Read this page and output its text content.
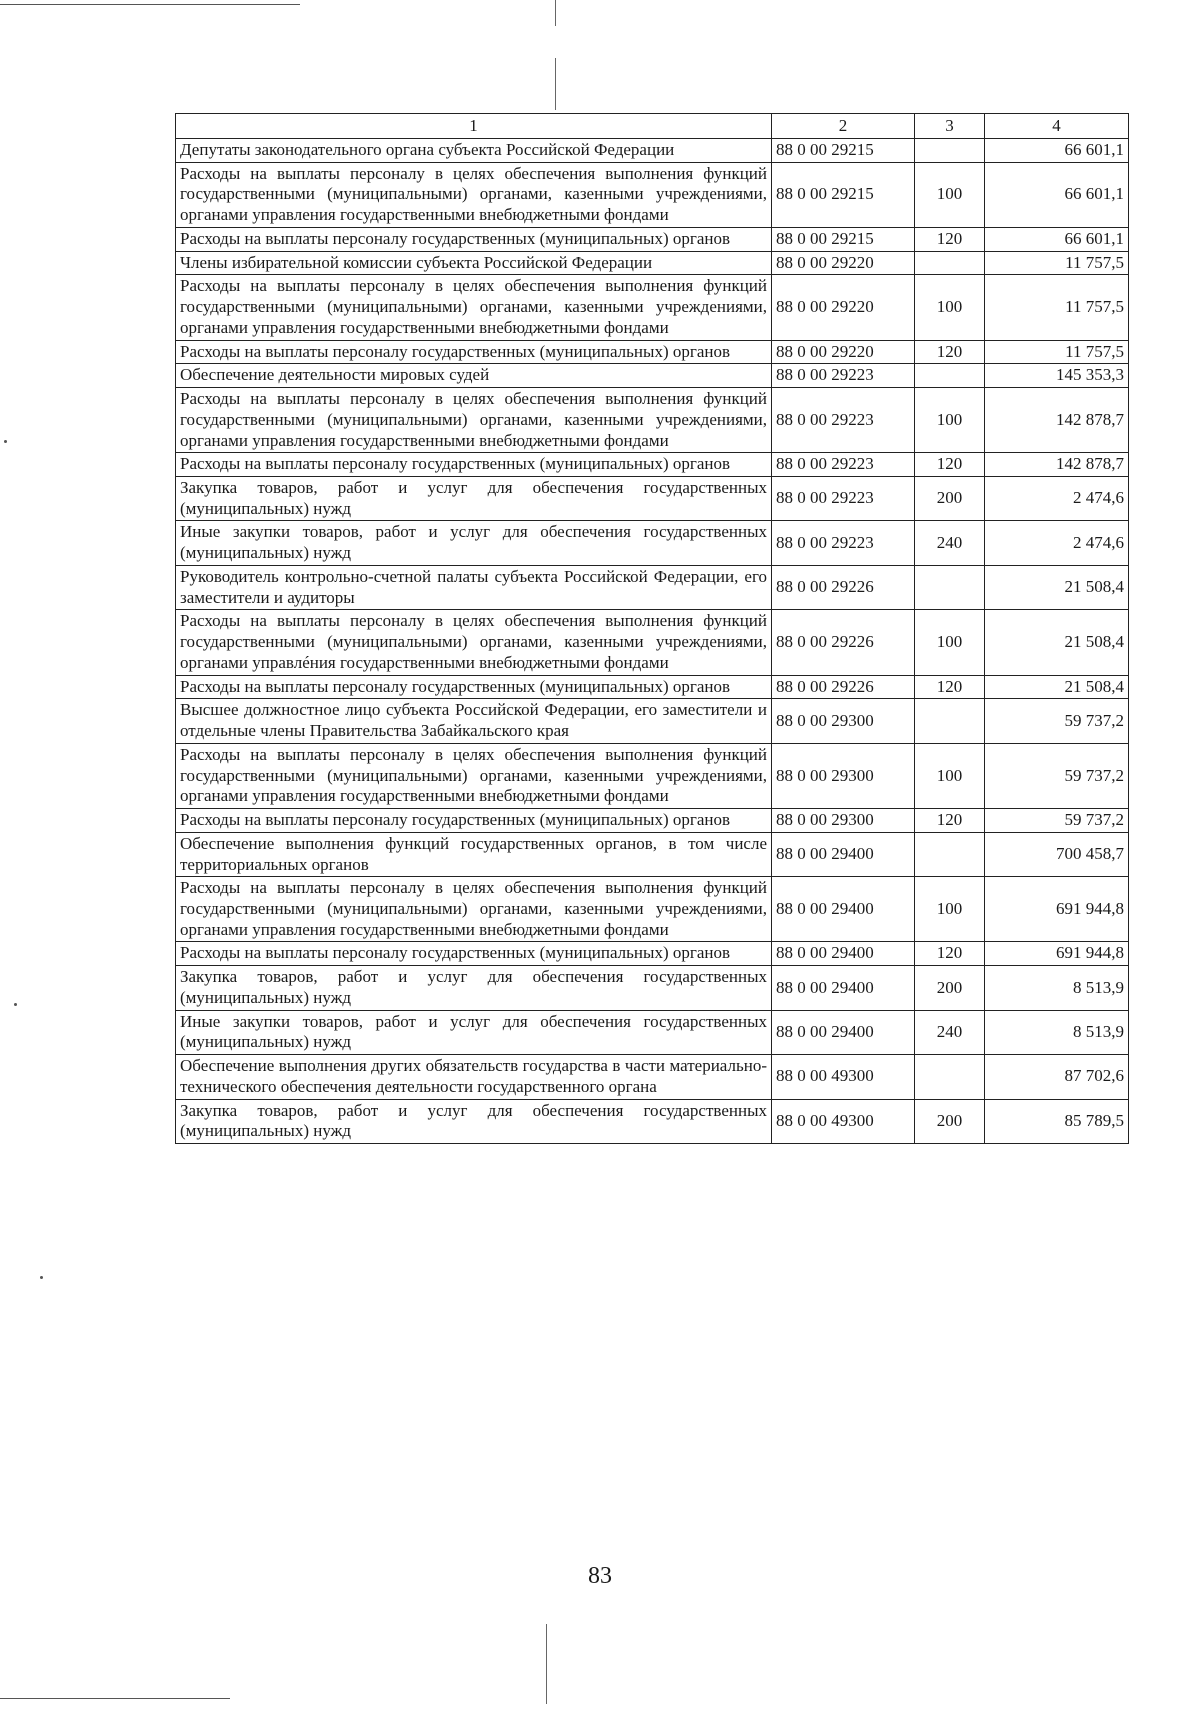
1	2	3	4
Депутаты законодательного органа субъекта Российской Федерации	88 0 00 29215		66 601,1
Расходы на выплаты персоналу в целях обеспечения выполнения функций государственными (муниципальными) органами, казенными учреждениями, органами управления государственными внебюджетными фондами	88 0 00 29215	100	66 601,1
Расходы на выплаты персоналу государственных (муниципальных) органов	88 0 00 29215	120	66 601,1
Члены избирательной комиссии субъекта Российской Федерации	88 0 00 29220		11 757,5
Расходы на выплаты персоналу в целях обеспечения выполнения функций государственными (муниципальными) органами, казенными учреждениями, органами управления государственными внебюджетными фондами	88 0 00 29220	100	11 757,5
Расходы на выплаты персоналу государственных (муниципальных) органов	88 0 00 29220	120	11 757,5
Обеспечение деятельности мировых судей	88 0 00 29223		145 353,3
Расходы на выплаты персоналу в целях обеспечения выполнения функций государственными (муниципальными) органами, казенными учреждениями, органами управления государственными внебюджетными фондами	88 0 00 29223	100	142 878,7
Расходы на выплаты персоналу государственных (муниципальных) органов	88 0 00 29223	120	142 878,7
Закупка товаров, работ и услуг для обеспечения государственных (муниципальных) нужд	88 0 00 29223	200	2 474,6
Иные закупки товаров, работ и услуг для обеспечения государственных (муниципальных) нужд	88 0 00 29223	240	2 474,6
Руководитель контрольно-счетной палаты субъекта Российской Федерации, его заместители и аудиторы	88 0 00 29226		21 508,4
Расходы на выплаты персоналу в целях обеспечения выполнения функций государственными (муниципальными) органами, казенными учреждениями, органами управлéния государственными внебюджетными фондами	88 0 00 29226	100	21 508,4
Расходы на выплаты персоналу государственных (муниципальных) органов	88 0 00 29226	120	21 508,4
Высшее должностное лицо субъекта Российской Федерации, его заместители и отдельные члены Правительства Забайкальского края	88 0 00 29300		59 737,2
Расходы на выплаты персоналу в целях обеспечения выполнения функций государственными (муниципальными) органами, казенными учреждениями, органами управления государственными внебюджетными фондами	88 0 00 29300	100	59 737,2
Расходы на выплаты персоналу государственных (муниципальных) органов	88 0 00 29300	120	59 737,2
Обеспечение выполнения функций государственных органов, в том числе территориальных органов	88 0 00 29400		700 458,7
Расходы на выплаты персоналу в целях обеспечения выполнения функций государственными (муниципальными) органами, казенными учреждениями, органами управления государственными внебюджетными фондами	88 0 00 29400	100	691 944,8
Расходы на выплаты персоналу государственных (муниципальных) органов	88 0 00 29400	120	691 944,8
Закупка товаров, работ и услуг для обеспечения государственных (муниципальных) нужд	88 0 00 29400	200	8 513,9
Иные закупки товаров, работ и услуг для обеспечения государственных (муниципальных) нужд	88 0 00 29400	240	8 513,9
Обеспечение выполнения других обязательств государства в части материально-технического обеспечения деятельности государственного органа	88 0 00 49300		87 702,6
Закупка товаров, работ и услуг для обеспечения государственных (муниципальных) нужд	88 0 00 49300	200	85 789,5
83
